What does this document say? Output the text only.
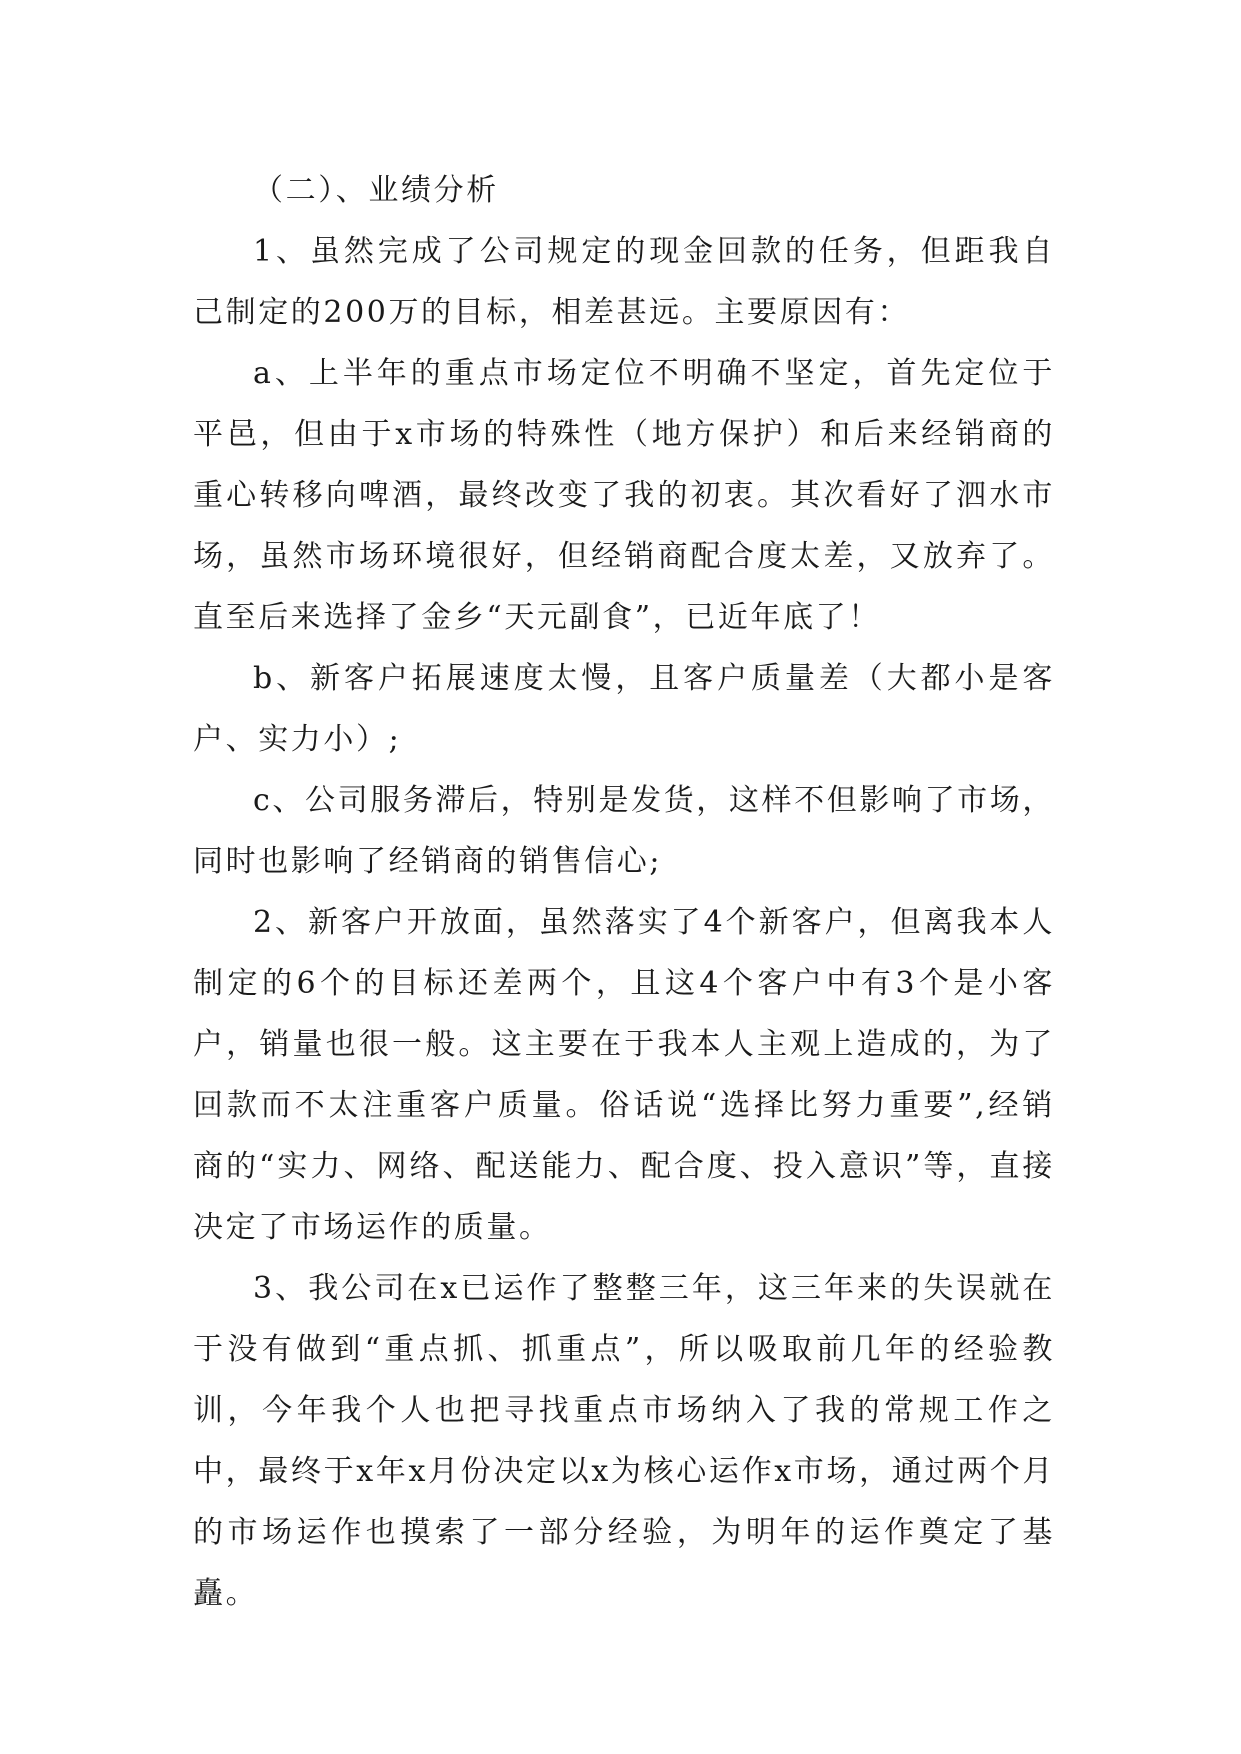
（二）、业绩分析

1、虽然完成了公司规定的现金回款的任务，但距我自己制定的200万的目标，相差甚远。主要原因有：

a、上半年的重点市场定位不明确不坚定，首先定位于平邑，但由于x市场的特殊性（地方保护）和后来经销商的重心转移向啤酒，最终改变了我的初衷。其次看好了泗水市场，虽然市场环境很好，但经销商配合度太差，又放弃了。直至后来选择了金乡“天元副食”，已近年底了！

b、新客户拓展速度太慢，且客户质量差（大都小是客户、实力小）;

c、公司服务滞后，特别是发货，这样不但影响了市场，同时也影响了经销商的销售信心;

2、新客户开放面，虽然落实了4个新客户，但离我本人制定的6个的目标还差两个，且这4个客户中有3个是小客户，销量也很一般。这主要在于我本人主观上造成的，为了回款而不太注重客户质量。俗话说“选择比努力重要”,经销商的“实力、网络、配送能力、配合度、投入意识”等，直接决定了市场运作的质量。

3、我公司在x已运作了整整三年，这三年来的失误就在于没有做到“重点抓、抓重点”，所以吸取前几年的经验教训，今年我个人也把寻找重点市场纳入了我的常规工作之中，最终于x年x月份决定以x为核心运作x市场，通过两个月的市场运作也摸索了一部分经验，为明年的运作奠定了基矗。
